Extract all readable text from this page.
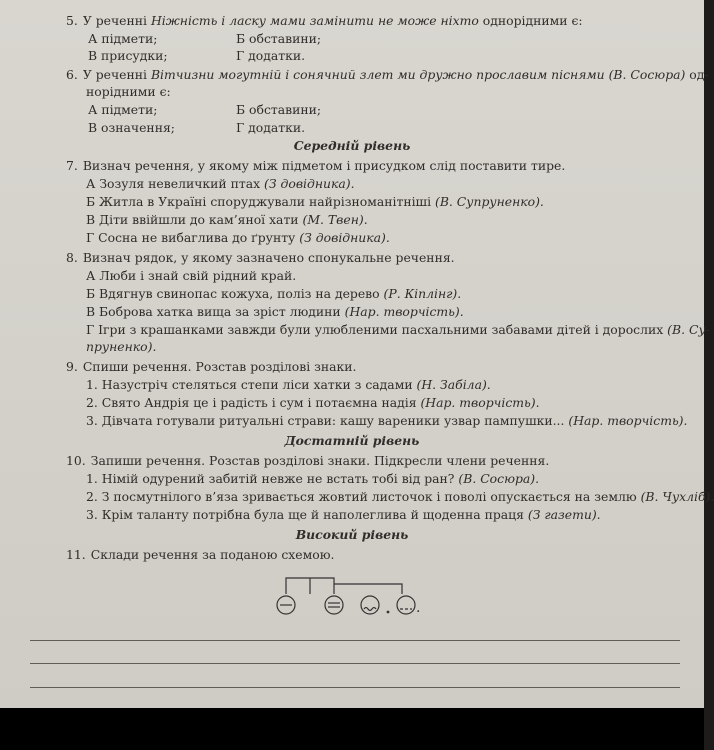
5. У реченні Ніжність і ласку мами замінити не може ніхто однорідними є:
А підмети;	Б обставини;
В присудки;	Г додатки.
6. У реченні Вітчизни могутній і сонячний злет ми дружно прославим піснями (В. Сосюра) од-
норідними є:
А підмети;	Б обставини;
В означення;	Г додатки.
Середній рівень
7. Визнач речення, у якому між підметом і присудком слід поставити тире.
А Зозуля невеличкий птах (З довідника).
Б Житла в Україні споруджували найрізноманітніші (В. Супруненко).
В Діти ввійшли до кам’яної хати (М. Твен).
Г Сосна не вибаглива до ґрунту (З довідника).
8. Визнач рядок, у якому зазначено спонукальне речення.
А Люби і знай свій рідний край.
Б Вдягнув свинопас кожуха, поліз на дерево (Р. Кіплінг).
В Боброва хатка вища за зріст людини (Нар. творчість).
Г Ігри з крашанками завжди були улюбленими пасхальними забавами дітей і дорослих (В. Су-
пруненко).
9. Спиши речення. Розстав розділові знаки.
1. Назустріч стеляться степи ліси хатки з садами (Н. Забіла).
2. Свято Андрія це і радість і сум і потаємна надія (Нар. творчість).
3. Дівчата готували ритуальні страви: кашу вареники узвар пампушки... (Нар. творчість).
Достатній рівень
10. Запиши речення. Розстав розділові знаки. Підкресли члени речення.
1. Німій одурений забитій невже не встать тобі від ран? (В. Сосюра).
2. З посмутнілого в’яза зривається жовтий листочок і поволі опускається на землю (В. Чухліб).
3. Крім таланту потрібна була ще й наполеглива й щоденна праця (З газети).
Високий рівень
11. Склади речення за поданою схемою.
.
